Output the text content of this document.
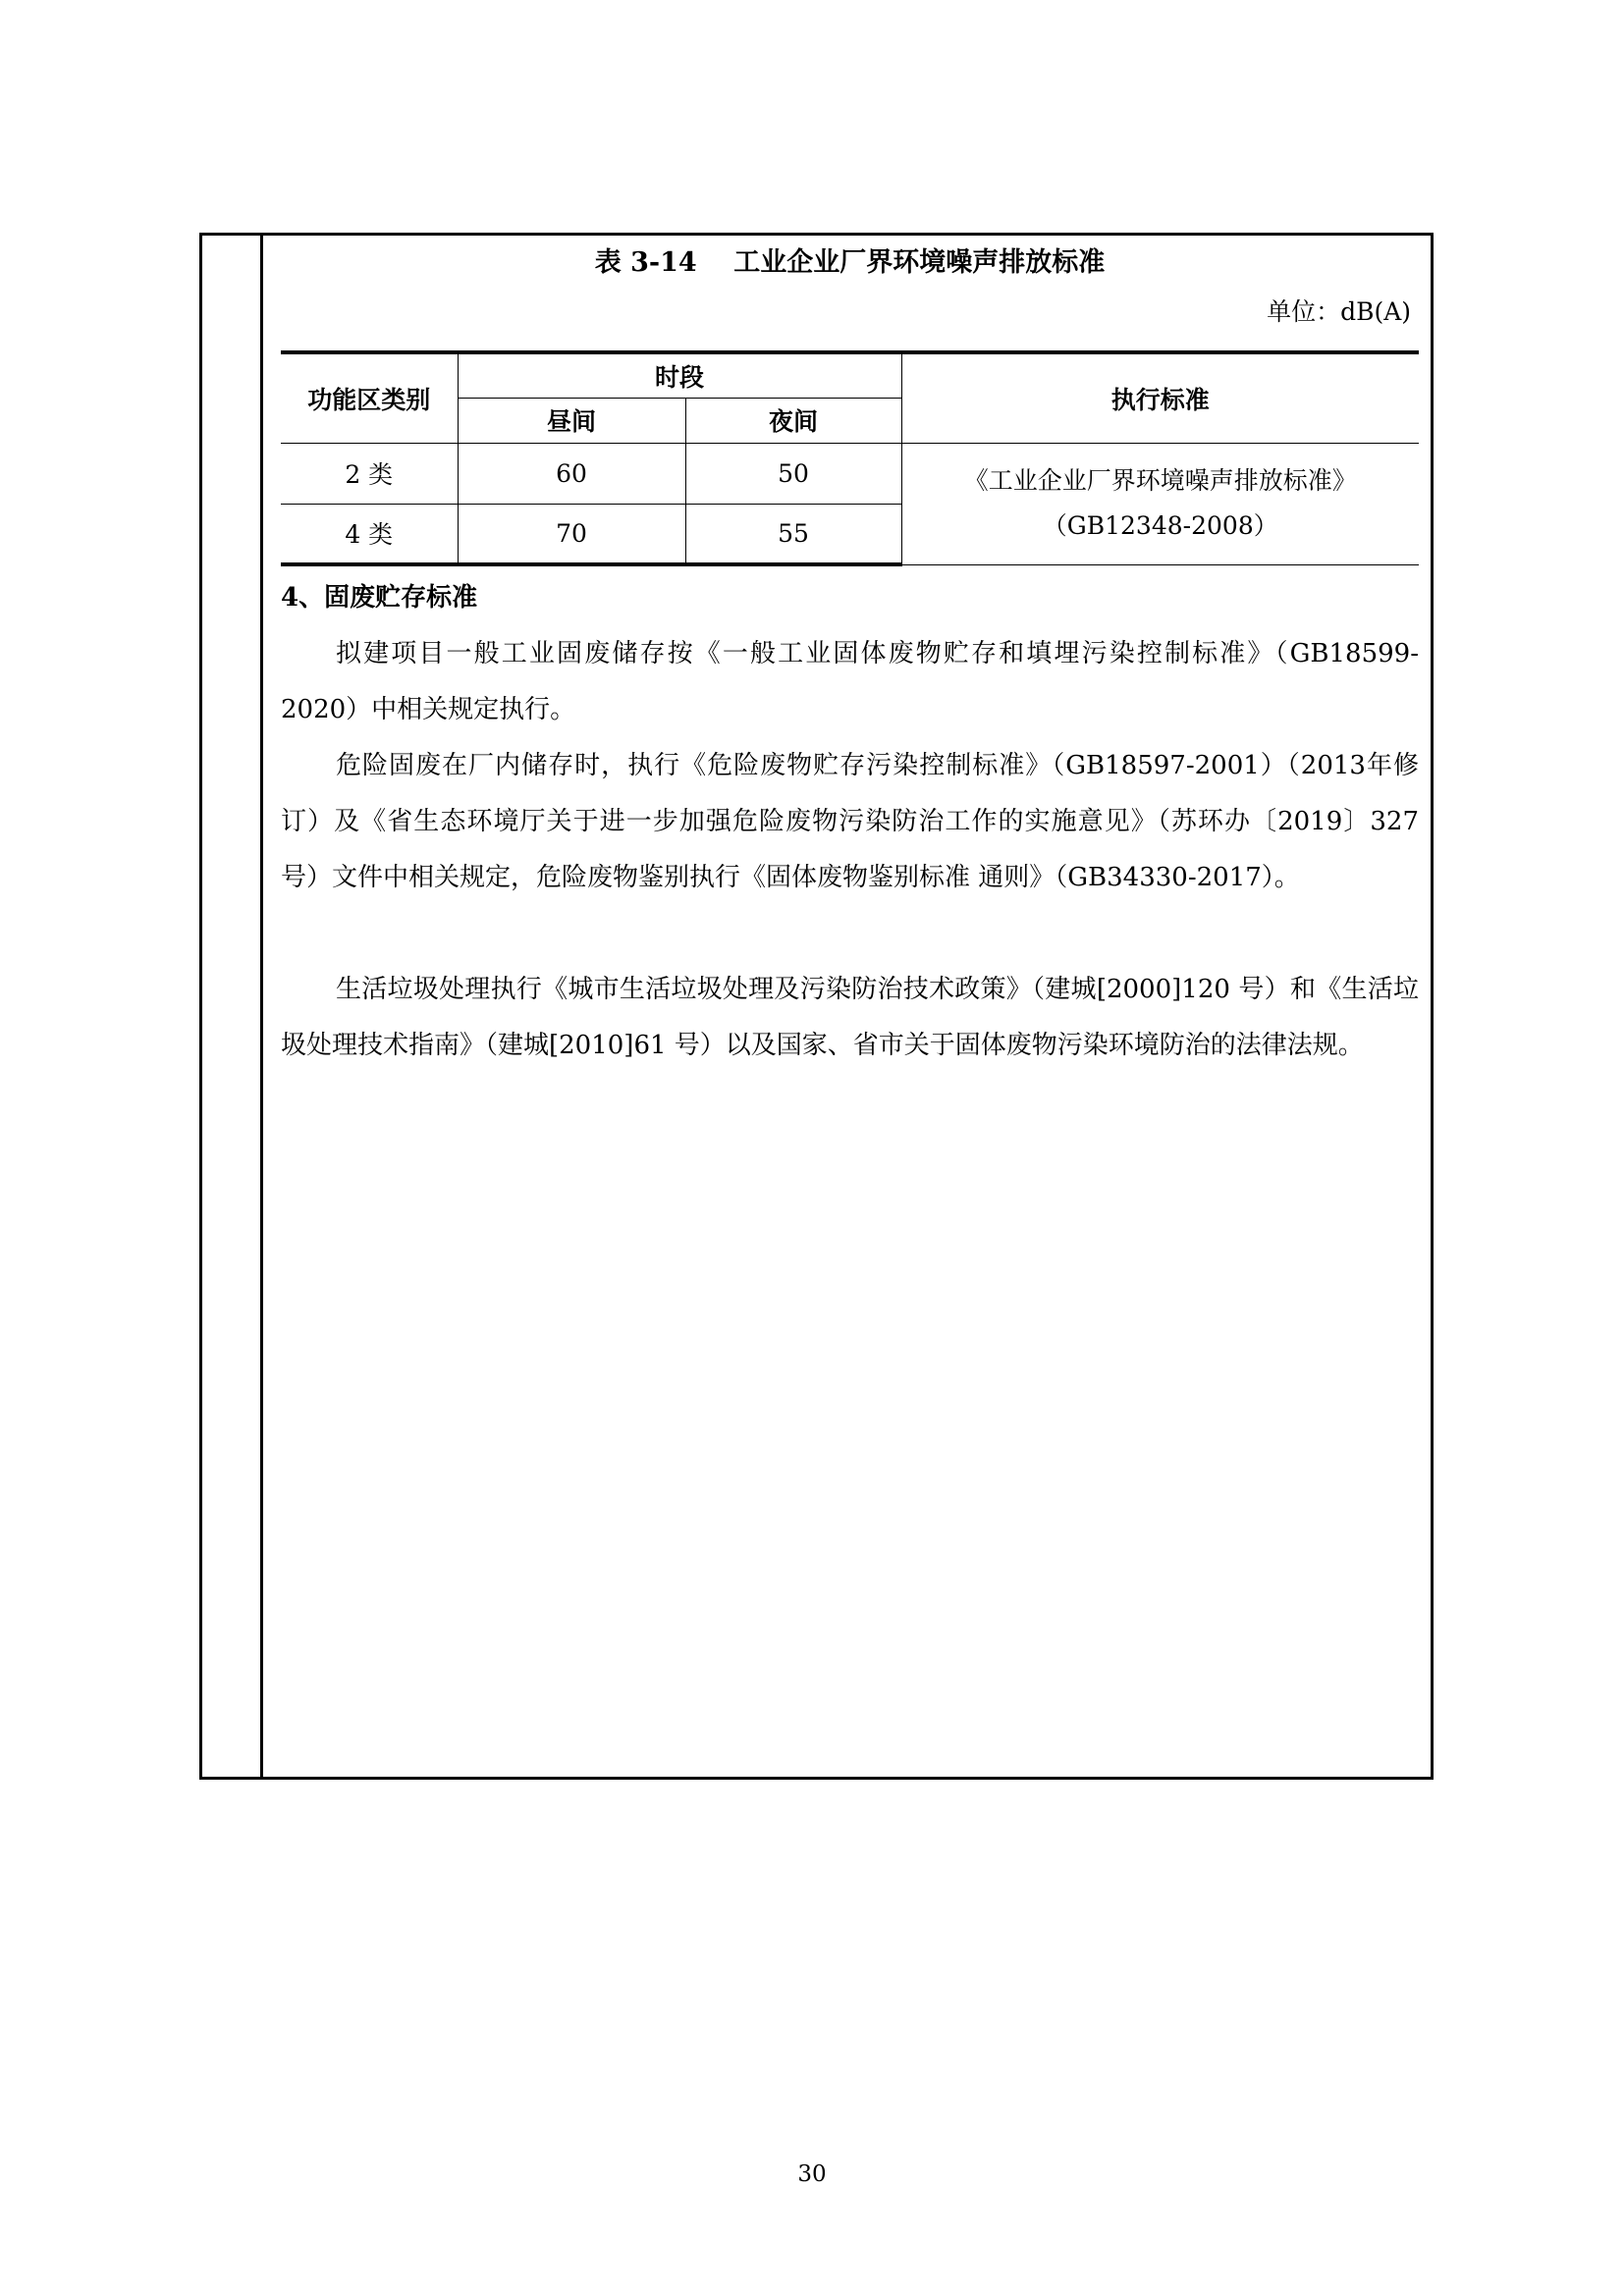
表 3-14    工业企业厂界环境噪声排放标准
单位：dB(A)
功能区类别	时段		执行标准
	昼间	夜间	
2 类	60	50	《工业企业厂界环境噪声排放标准》
（GB12348-2008）

4 类	70	55	
4、固废贮存标准

拟建项目一般工业固废储存按《一般工业固体废物贮存和填埋污染控制标准》（GB18599-2020）中相关规定执行。

危险固废在厂内储存时，执行《危险废物贮存污染控制标准》（GB18597-2001）（2013年修订）及《省生态环境厅关于进一步加强危险废物污染防治工作的实施意见》（苏环办〔2019〕327 号）文件中相关规定，危险废物鉴别执行《固体废物鉴别标准 通则》（GB34330-2017）。

生活垃圾处理执行《城市生活垃圾处理及污染防治技术政策》（建城[2000]120 号）和《生活垃圾处理技术指南》（建城[2010]61 号）以及国家、省市关于固体废物污染环境防治的法律法规。

30
